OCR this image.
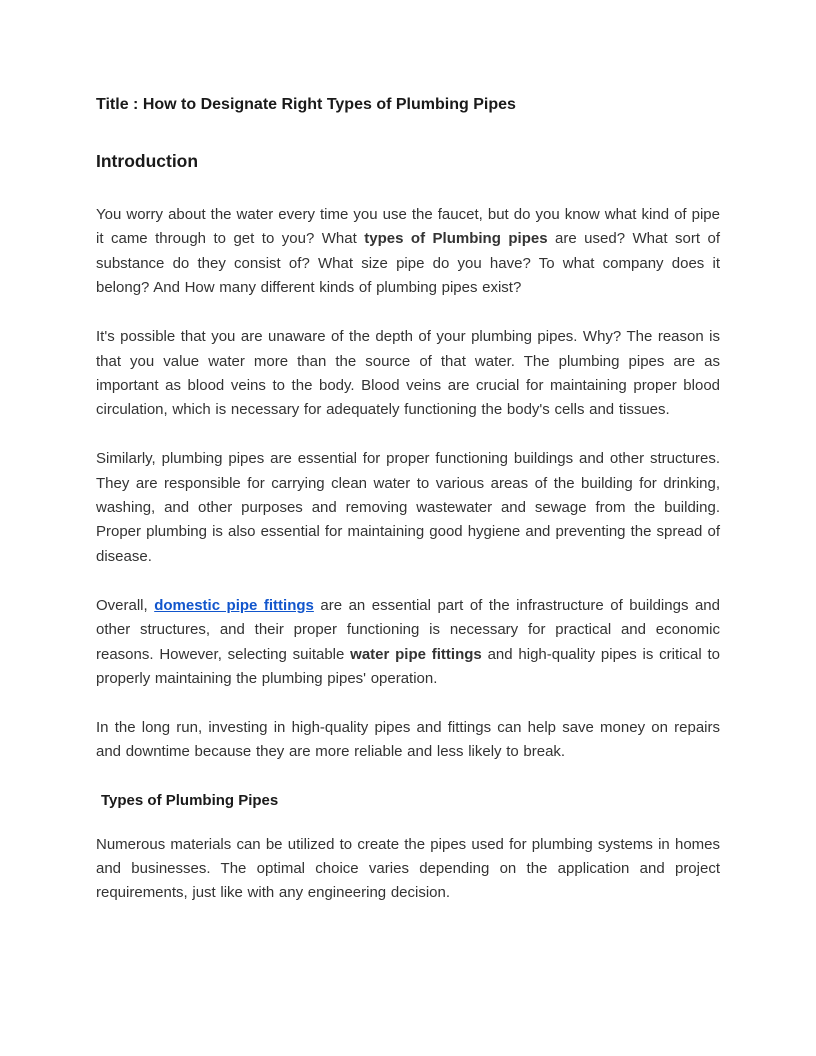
Title : How to Designate Right Types of Plumbing Pipes
Introduction

You worry about the water every time you use the faucet, but do you know what kind of pipe it came through to get to you? What types of Plumbing pipes are used? What sort of substance do they consist of? What size pipe do you have? To what company does it belong? And How many different kinds of plumbing pipes exist?

It's possible that you are unaware of the depth of your plumbing pipes. Why? The reason is that you value water more than the source of that water. The plumbing pipes are as important as blood veins to the body. Blood veins are crucial for maintaining proper blood circulation, which is necessary for adequately functioning the body's cells and tissues.

Similarly, plumbing pipes are essential for proper functioning buildings and other structures. They are responsible for carrying clean water to various areas of the building for drinking, washing, and other purposes and removing wastewater and sewage from the building. Proper plumbing is also essential for maintaining good hygiene and preventing the spread of disease.

Overall, domestic pipe fittings are an essential part of the infrastructure of buildings and other structures, and their proper functioning is necessary for practical and economic reasons. However, selecting suitable water pipe fittings and high-quality pipes is critical to properly maintaining the plumbing pipes' operation.

In the long run, investing in high-quality pipes and fittings can help save money on repairs and downtime because they are more reliable and less likely to break.

Types of Plumbing Pipes

Numerous materials can be utilized to create the pipes used for plumbing systems in homes and businesses. The optimal choice varies depending on the application and project requirements, just like with any engineering decision.
